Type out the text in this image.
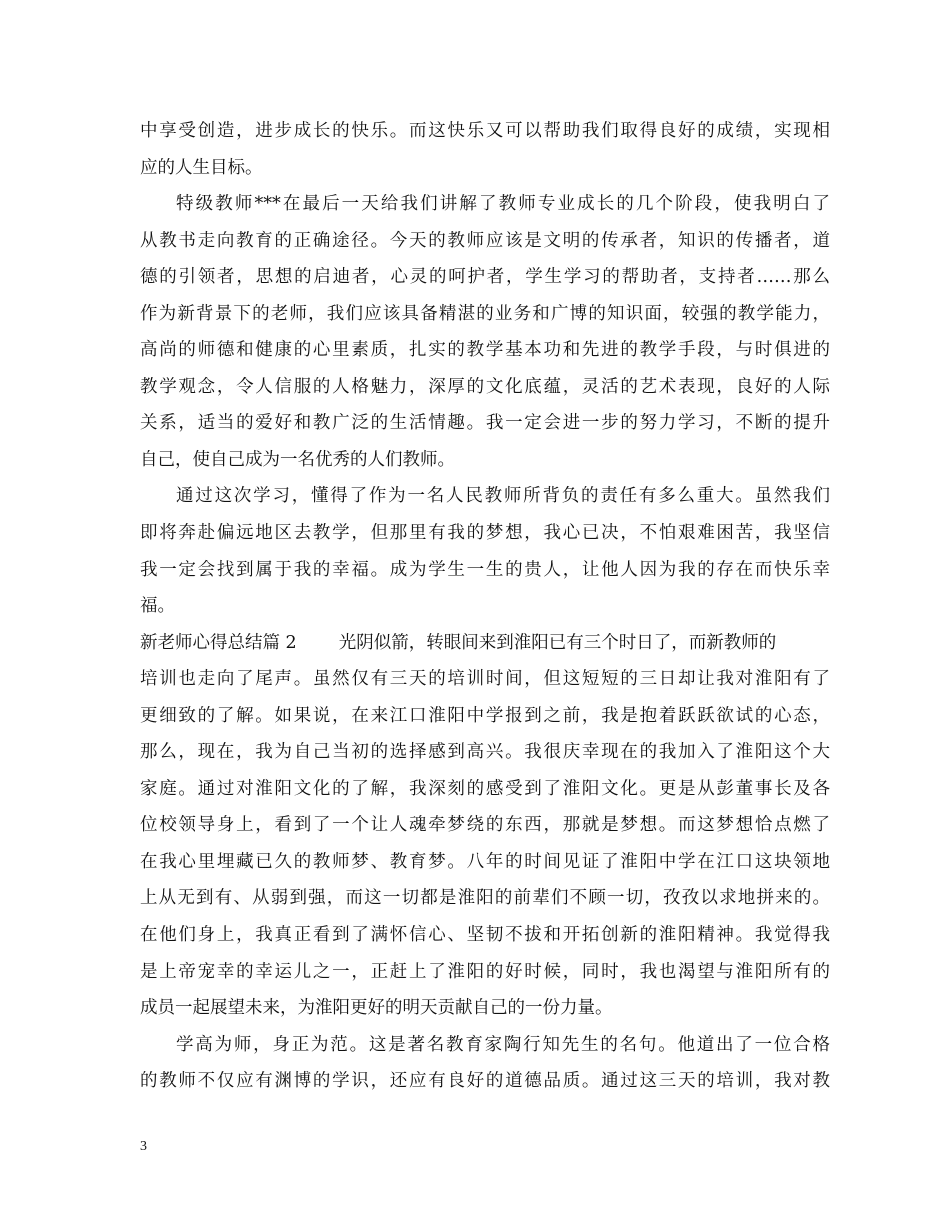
中享受创造，进步成长的快乐。而这快乐又可以帮助我们取得良好的成绩，实现相
应的人生目标。
特级教师***在最后一天给我们讲解了教师专业成长的几个阶段，使我明白了
从教书走向教育的正确途径。今天的教师应该是文明的传承者，知识的传播者，道
德的引领者，思想的启迪者，心灵的呵护者，学生学习的帮助者，支持者……那么
作为新背景下的老师，我们应该具备精湛的业务和广博的知识面，较强的教学能力，
高尚的师德和健康的心里素质，扎实的教学基本功和先进的教学手段，与时俱进的
教学观念，令人信服的人格魅力，深厚的文化底蕴，灵活的艺术表现，良好的人际
关系，适当的爱好和教广泛的生活情趣。我一定会进一步的努力学习，不断的提升
自己，使自己成为一名优秀的人们教师。
通过这次学习，懂得了作为一名人民教师所背负的责任有多么重大。虽然我们
即将奔赴偏远地区去教学，但那里有我的梦想，我心已决，不怕艰难困苦，我坚信
我一定会找到属于我的幸福。成为学生一生的贵人，让他人因为我的存在而快乐幸
福。
新老师心得总结篇 2 光阴似箭，转眼间来到淮阳已有三个时日了，而新教师的
培训也走向了尾声。虽然仅有三天的培训时间，但这短短的三日却让我对淮阳有了
更细致的了解。如果说，在来江口淮阳中学报到之前，我是抱着跃跃欲试的心态，
那么，现在，我为自己当初的选择感到高兴。我很庆幸现在的我加入了淮阳这个大
家庭。通过对淮阳文化的了解，我深刻的感受到了淮阳文化。更是从彭董事长及各
位校领导身上，看到了一个让人魂牵梦绕的东西，那就是梦想。而这梦想恰点燃了
在我心里埋藏已久的教师梦、教育梦。八年的时间见证了淮阳中学在江口这块领地
上从无到有、从弱到强，而这一切都是淮阳的前辈们不顾一切，孜孜以求地拼来的。
在他们身上，我真正看到了满怀信心、坚韧不拔和开拓创新的淮阳精神。我觉得我
是上帝宠幸的幸运儿之一，正赶上了淮阳的好时候，同时，我也渴望与淮阳所有的
成员一起展望未来，为淮阳更好的明天贡献自己的一份力量。
学高为师，身正为范。这是著名教育家陶行知先生的名句。他道出了一位合格
的教师不仅应有渊博的学识，还应有良好的道德品质。通过这三天的培训，我对教
3
